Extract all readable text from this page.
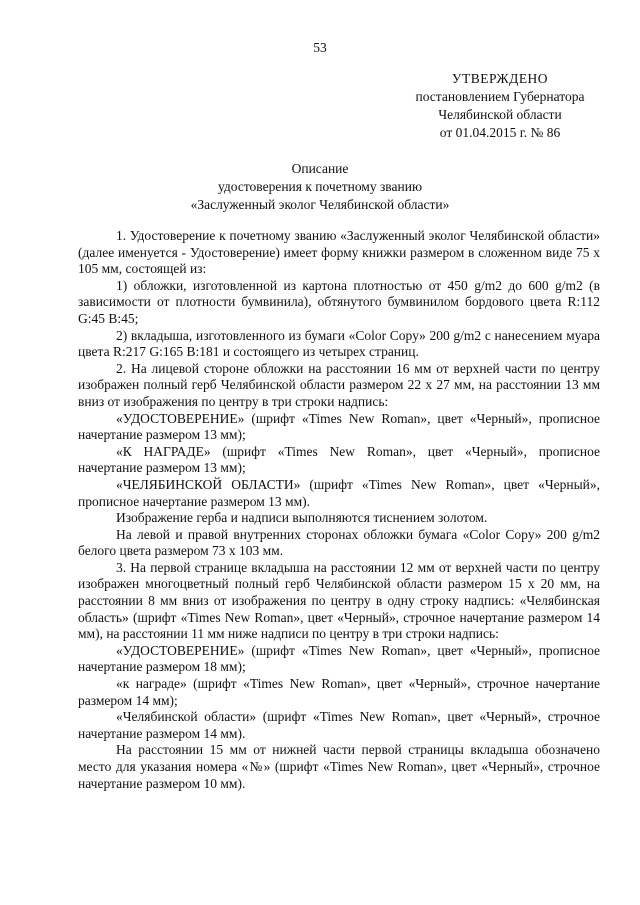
53
УТВЕРЖДЕНО
постановлением Губернатора
Челябинской области
от 01.04.2015 г. № 86
Описание
удостоверения к почетному званию
«Заслуженный эколог Челябинской области»

1. Удостоверение к почетному званию «Заслуженный эколог Челябинской области» (далее именуется - Удостоверение) имеет форму книжки размером в сложенном виде 75 х 105 мм, состоящей из:

1) обложки, изготовленной из картона плотностью от 450 g/m2 до 600 g/m2 (в зависимости от плотности бумвинила), обтянутого бумвинилом бордового цвета R:112 G:45 B:45;

2) вкладыша, изготовленного из бумаги «Color Copy» 200 g/m2 с нанесением муара цвета R:217 G:165 B:181 и состоящего из четырех страниц.

2. На лицевой стороне обложки на расстоянии 16 мм от верхней части по центру изображен полный герб Челябинской области размером 22 х 27 мм, на расстоянии 13 мм вниз от изображения по центру в три строки надпись:

«УДОСТОВЕРЕНИЕ» (шрифт «Times New Roman», цвет «Черный», прописное начертание размером 13 мм);

«К НАГРАДЕ» (шрифт «Times New Roman», цвет «Черный», прописное начертание размером 13 мм);

«ЧЕЛЯБИНСКОЙ ОБЛАСТИ» (шрифт «Times New Roman», цвет «Черный», прописное начертание размером 13 мм).

Изображение герба и надписи выполняются тиснением золотом.

На левой и правой внутренних сторонах обложки бумага «Color Copy» 200 g/m2 белого цвета размером 73 х 103 мм.

3. На первой странице вкладыша на расстоянии 12 мм от верхней части по центру изображен многоцветный полный герб Челябинской области размером 15 х 20 мм, на расстоянии 8 мм вниз от изображения по центру в одну строку надпись: «Челябинская область» (шрифт «Times New Roman», цвет «Черный», строчное начертание размером 14 мм), на расстоянии 11 мм ниже надписи по центру в три строки надпись:

«УДОСТОВЕРЕНИЕ» (шрифт «Times New Roman», цвет «Черный», прописное начертание размером 18 мм);

«к награде» (шрифт «Times New Roman», цвет «Черный», строчное начертание размером 14 мм);

«Челябинской области» (шрифт «Times New Roman», цвет «Черный», строчное начертание размером 14 мм).

На расстоянии 15 мм от нижней части первой страницы вкладыша обозначено место для указания номера «№» (шрифт «Times New Roman», цвет «Черный», строчное начертание размером 10 мм).
